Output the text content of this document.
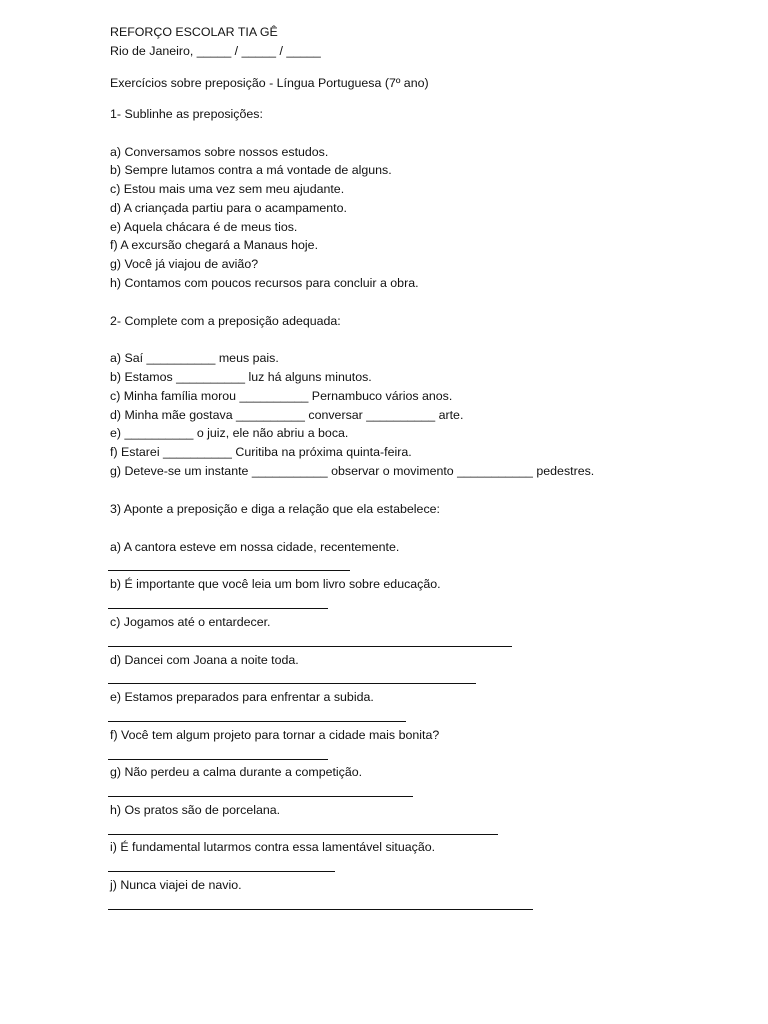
REFORÇO ESCOLAR TIA GÊ
Rio de Janeiro, _____ / _____ / _____
Exercícios sobre preposição - Língua Portuguesa (7º ano)
1- Sublinhe as preposições:
a) Conversamos sobre nossos estudos.
b) Sempre lutamos contra a má vontade de alguns.
c) Estou mais uma vez sem meu ajudante.
d) A criançada partiu para o acampamento.
e) Aquela chácara é de meus tios.
f) A excursão chegará a Manaus hoje.
g) Você já viajou de avião?
h) Contamos com poucos recursos para concluir a obra.
2- Complete com a preposição adequada:
a) Saí __________ meus pais.
b) Estamos __________ luz há alguns minutos.
c) Minha família morou __________ Pernambuco vários anos.
d) Minha mãe gostava __________ conversar __________ arte.
e) __________ o juiz, ele não abriu a boca.
f) Estarei __________ Curitiba na próxima quinta-feira.
g) Deteve-se um instante ___________ observar o movimento ___________ pedestres.
3) Aponte a preposição e diga a relação que ela estabelece:
a) A cantora esteve em nossa cidade, recentemente.
b) É importante que você leia um bom livro sobre educação.
c) Jogamos até o entardecer.
d) Dancei com Joana a noite toda.
e) Estamos preparados para enfrentar a subida.
f) Você tem algum projeto para tornar a cidade mais bonita?
g) Não perdeu a calma durante a competição.
h) Os pratos são de porcelana.
i) É fundamental lutarmos contra essa lamentável situação.
j) Nunca viajei de navio.
